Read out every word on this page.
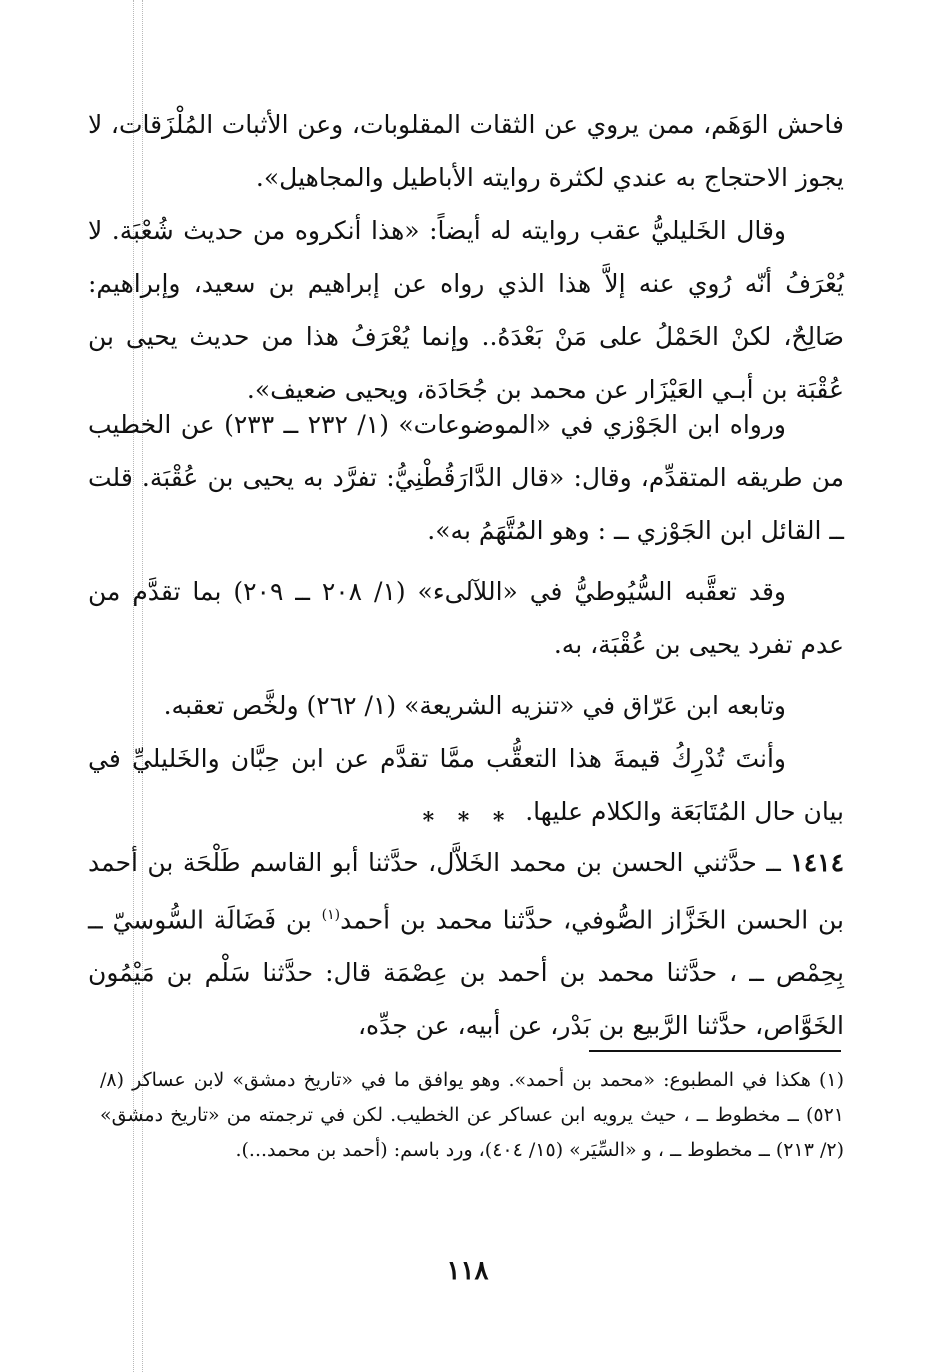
فاحش الوَهَم، ممن يروي عن الثقات المقلوبات، وعن الأثبات المُلْزَقات، لا يجوز الاحتجاج به عندي لكثرة روايته الأباطيل والمجاهيل».

وقال الخَليليُّ عقب روايته له أيضاً: «هذا أنكروه من حديث شُعْبَة. لا يُعْرَفُ أنّه رُوي عنه إلاَّ هذا الذي رواه عن إبراهيم بن سعيد، وإبراهيم: صَالِحٌ، لكنْ الحَمْلُ على مَنْ بَعْدَهُ.. وإنما يُعْرَفُ هذا من حديث يحيى بن عُقْبَة بن أبـي العَيْزَار عن محمد بن جُحَادَة، ويحيى ضعيف».

ورواه ابن الجَوْزي في «الموضوعات» (١/ ٢٣٢ ــ ٢٣٣) عن الخطيب من طريقه المتقدِّم، وقال: «قال الدَّارَقُطْنِيُّ: تفرَّد به يحيى بن عُقْبَة. قلت ــ القائل ابن الجَوْزي ــ : وهو المُتَّهَمُ به».

وقد تعقَّبه السُّيُوطيُّ في «اللآلىء» (١/ ٢٠٨ ــ ٢٠٩) بما تقدَّم من عدم تفرد يحيى بن عُقْبَة، به.

وتابعه ابن عَرّاق في «تنزيه الشريعة» (١/ ٢٦٢) ولخَّص تعقبه.

وأنتَ تُدْرِكُ قيمةَ هذا التعقُّب ممَّا تقدَّم عن ابن حِبَّان والخَليليِّ في بيان حال المُتَابَعَة والكلام عليها.

* * *

١٤١٤ ــ حدَّثني الحسن بن محمد الخَلاَّل، حدَّثنا أبو القاسم طَلْحَة بن أحمد بن الحسن الخَزَّاز الصُّوفي، حدَّثنا محمد بن أحمد$^{(١)}$ بن فَضَالَة السُّوسيّ ــ بِحِمْص ــ ، حدَّثنا محمد بن أحمد بن عِصْمَة قال: حدَّثنا سَلْم بن مَيْمُون الخَوَّاص، حدَّثنا الرَّبيع بن بَدْر، عن أبيه، عن جدِّه،

(١) هكذا في المطبوع: «محمد بن أحمد». وهو يوافق ما في «تاريخ دمشق» لابن عساكر (٨/ ٥٢١) ــ مخطوط ــ ، حيث يرويه ابن عساكر عن الخطيب. لكن في ترجمته من «تاريخ دمشق» (٢/ ٢١٣) ــ مخطوط ــ ، و «السِّيَر» (١٥/ ٤٠٤)، ورد باسم: (أحمد بن محمد...).

١١٨
